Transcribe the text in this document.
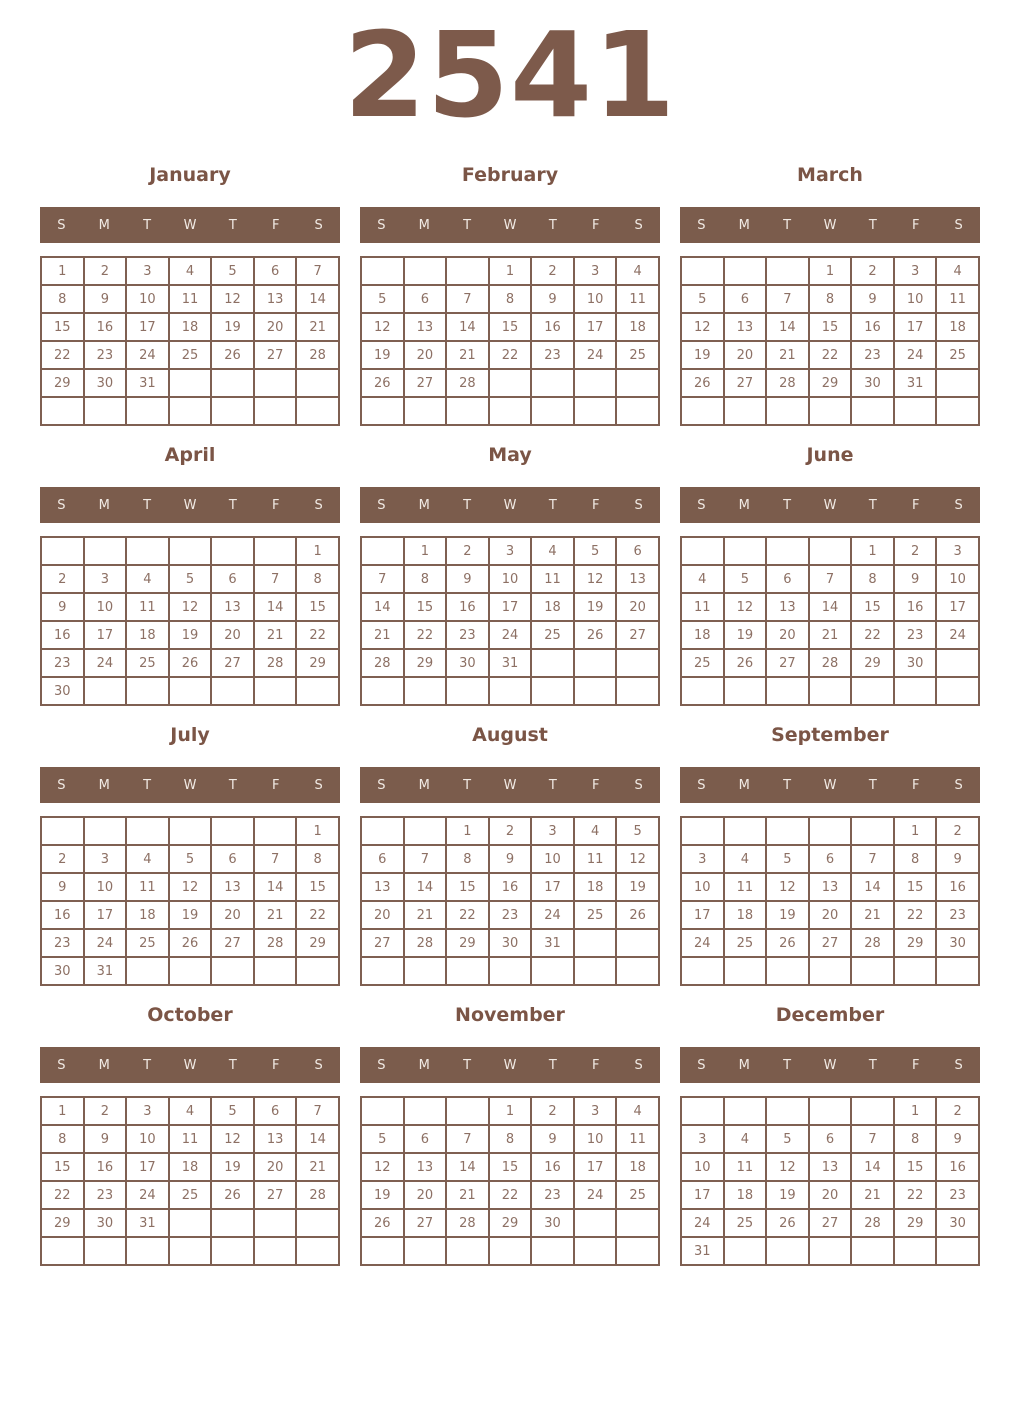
2541
January
S	M	T	W	T	F	S
1	2	3	4	5	6	7
8	9	10	11	12	13	14
15	16	17	18	19	20	21
22	23	24	25	26	27	28
29	30	31				

February
S	M	T	W	T	F	S
			1	2	3	4
5	6	7	8	9	10	11
12	13	14	15	16	17	18
19	20	21	22	23	24	25
26	27	28				

March
S	M	T	W	T	F	S
			1	2	3	4
5	6	7	8	9	10	11
12	13	14	15	16	17	18
19	20	21	22	23	24	25
26	27	28	29	30	31	

April
S	M	T	W	T	F	S
						1
2	3	4	5	6	7	8
9	10	11	12	13	14	15
16	17	18	19	20	21	22
23	24	25	26	27	28	29
30						
May
S	M	T	W	T	F	S
	1	2	3	4	5	6
7	8	9	10	11	12	13
14	15	16	17	18	19	20
21	22	23	24	25	26	27
28	29	30	31			

June
S	M	T	W	T	F	S
				1	2	3
4	5	6	7	8	9	10
11	12	13	14	15	16	17
18	19	20	21	22	23	24
25	26	27	28	29	30	

July
S	M	T	W	T	F	S
						1
2	3	4	5	6	7	8
9	10	11	12	13	14	15
16	17	18	19	20	21	22
23	24	25	26	27	28	29
30	31					
August
S	M	T	W	T	F	S
		1	2	3	4	5
6	7	8	9	10	11	12
13	14	15	16	17	18	19
20	21	22	23	24	25	26
27	28	29	30	31		

September
S	M	T	W	T	F	S
					1	2
3	4	5	6	7	8	9
10	11	12	13	14	15	16
17	18	19	20	21	22	23
24	25	26	27	28	29	30

October
S	M	T	W	T	F	S
1	2	3	4	5	6	7
8	9	10	11	12	13	14
15	16	17	18	19	20	21
22	23	24	25	26	27	28
29	30	31				

November
S	M	T	W	T	F	S
			1	2	3	4
5	6	7	8	9	10	11
12	13	14	15	16	17	18
19	20	21	22	23	24	25
26	27	28	29	30		

December
S	M	T	W	T	F	S
					1	2
3	4	5	6	7	8	9
10	11	12	13	14	15	16
17	18	19	20	21	22	23
24	25	26	27	28	29	30
31						
